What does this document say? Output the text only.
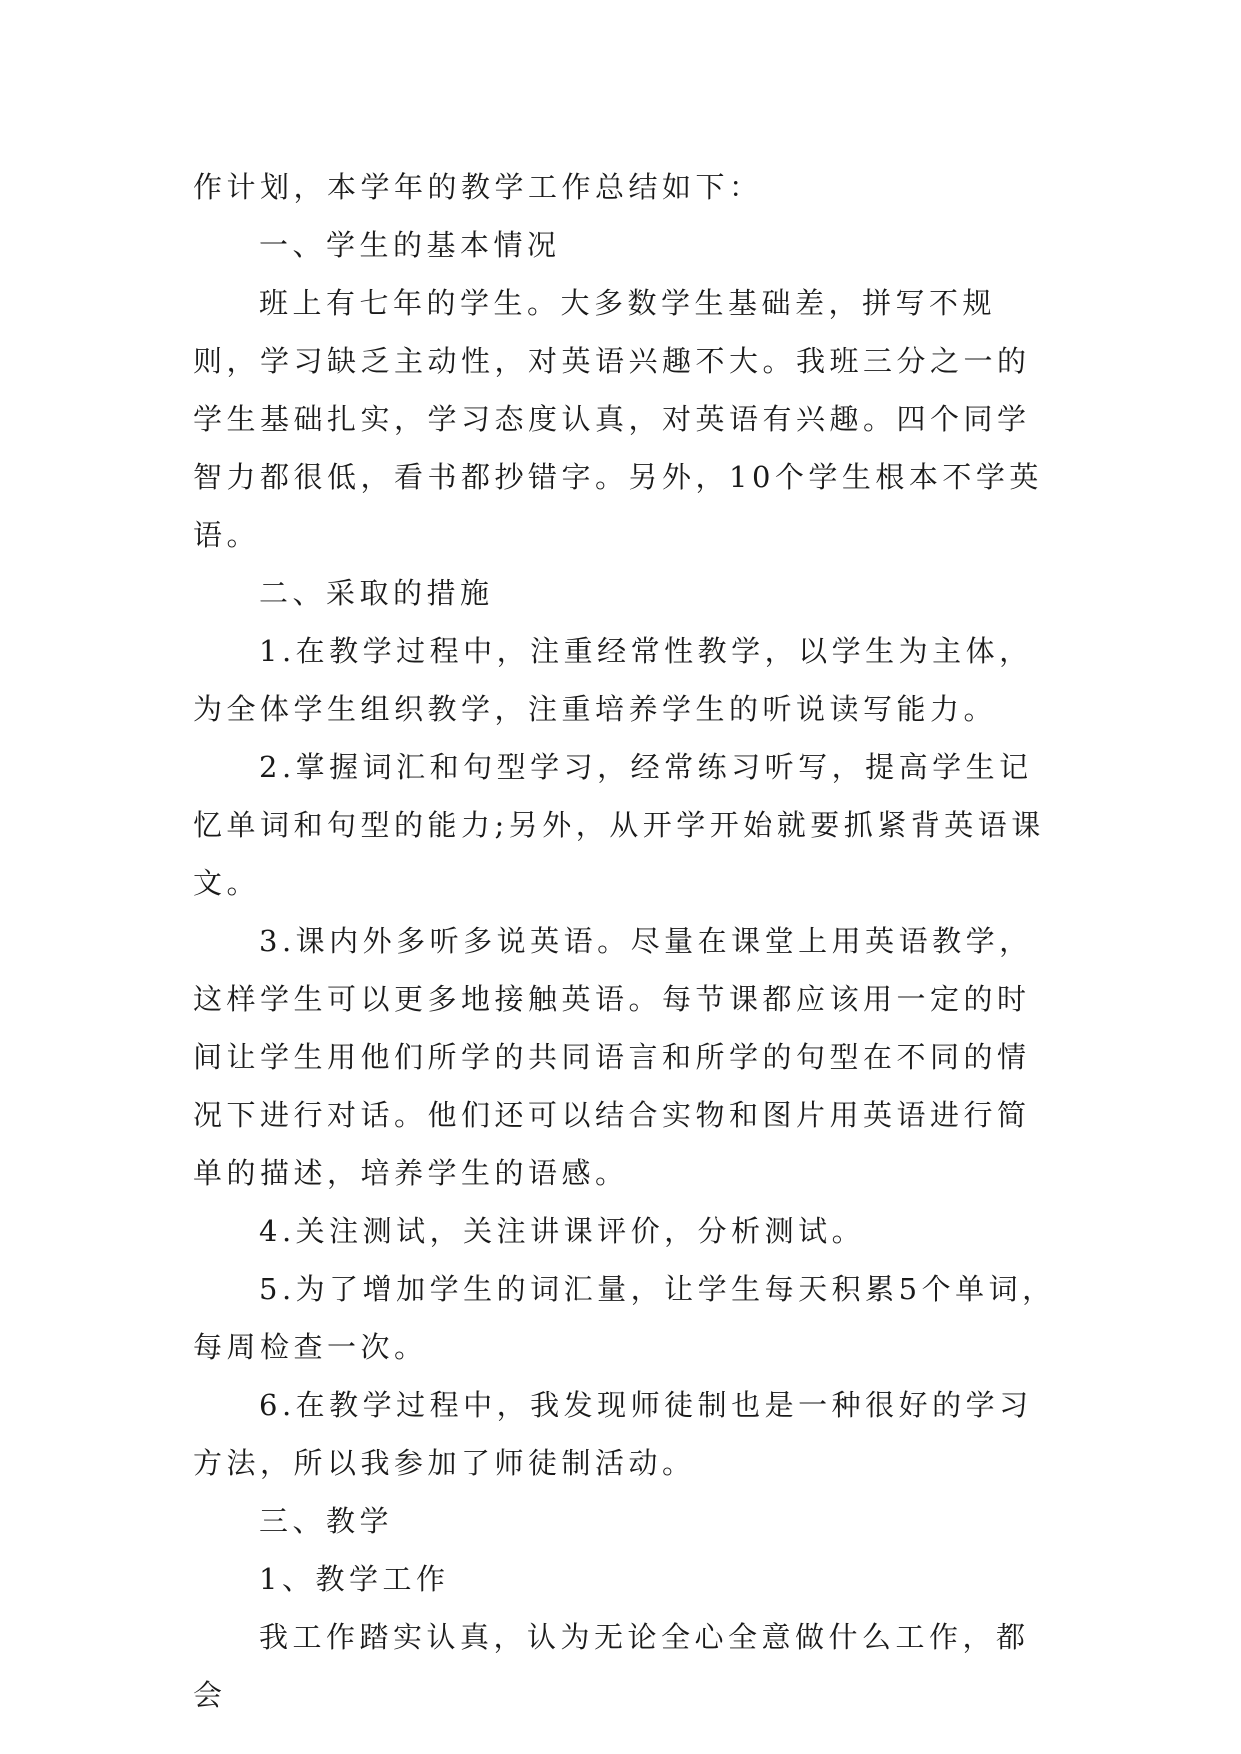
作计划，本学年的教学工作总结如下：

一、学生的基本情况

班上有七年的学生。大多数学生基础差，拼写不规则，学习缺乏主动性，对英语兴趣不大。我班三分之一的学生基础扎实，学习态度认真，对英语有兴趣。四个同学智力都很低，看书都抄错字。另外，10个学生根本不学英语。

二、采取的措施

1.在教学过程中，注重经常性教学，以学生为主体，为全体学生组织教学，注重培养学生的听说读写能力。

2.掌握词汇和句型学习，经常练习听写，提高学生记忆单词和句型的能力;另外，从开学开始就要抓紧背英语课文。

3.课内外多听多说英语。尽量在课堂上用英语教学，这样学生可以更多地接触英语。每节课都应该用一定的时间让学生用他们所学的共同语言和所学的句型在不同的情况下进行对话。他们还可以结合实物和图片用英语进行简单的描述，培养学生的语感。

4.关注测试，关注讲课评价，分析测试。

5.为了增加学生的词汇量，让学生每天积累5个单词，每周检查一次。

6.在教学过程中，我发现师徒制也是一种很好的学习方法，所以我参加了师徒制活动。

三、教学

1、教学工作

我工作踏实认真，认为无论全心全意做什么工作，都会
